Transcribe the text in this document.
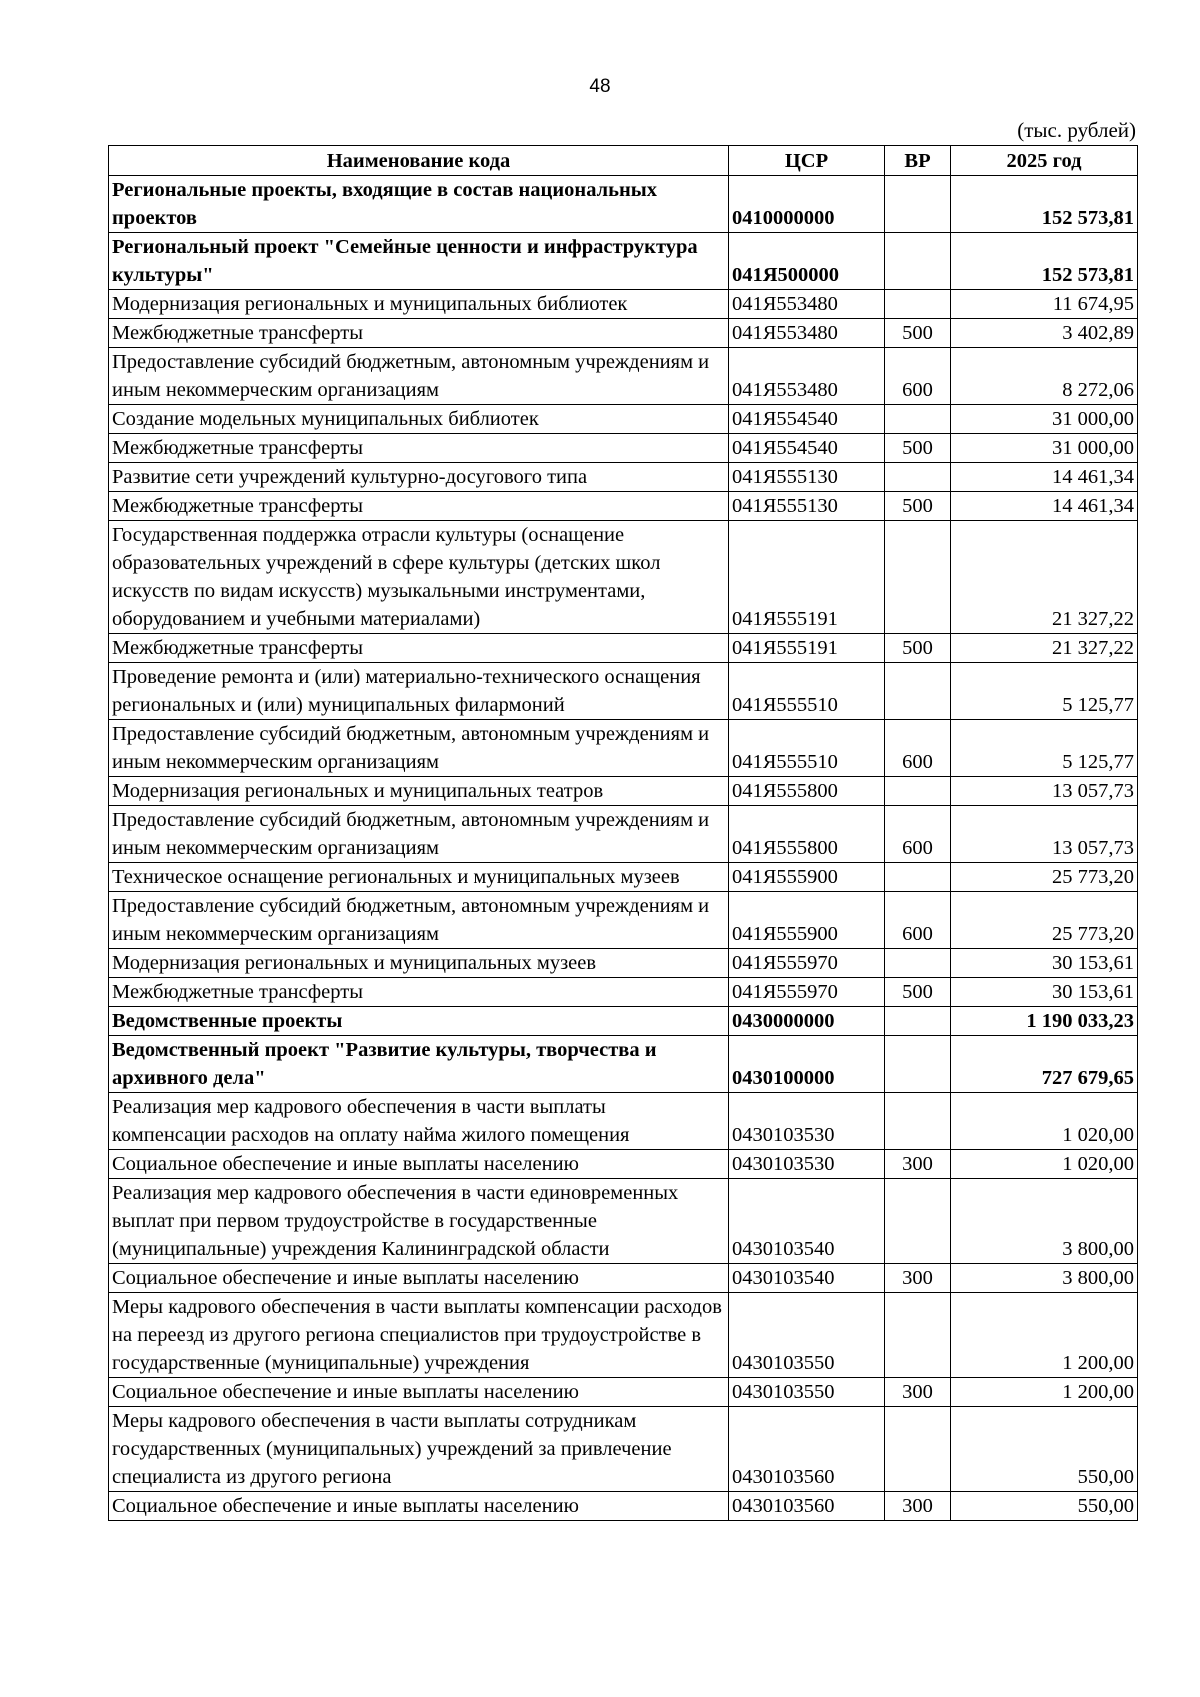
48
(тыс. рублей)
Наименование кода	ЦСР	ВР	2025 год
Региональные проекты, входящие в состав национальных проектов	0410000000		152 573,81
Региональный проект "Семейные ценности и инфраструктура культуры"	041Я500000		152 573,81
Модернизация региональных и муниципальных библиотек	041Я553480		11 674,95
Межбюджетные трансферты	041Я553480	500	3 402,89
Предоставление субсидий бюджетным, автономным учреждениям и иным некоммерческим организациям	041Я553480	600	8 272,06
Создание модельных муниципальных библиотек	041Я554540		31 000,00
Межбюджетные трансферты	041Я554540	500	31 000,00
Развитие сети учреждений культурно-досугового типа	041Я555130		14 461,34
Межбюджетные трансферты	041Я555130	500	14 461,34
Государственная поддержка отрасли культуры (оснащение образовательных учреждений в сфере культуры (детских школ искусств по видам искусств) музыкальными инструментами, оборудованием и учебными материалами)	041Я555191		21 327,22
Межбюджетные трансферты	041Я555191	500	21 327,22
Проведение ремонта и (или) материально-технического оснащения региональных и (или) муниципальных филармоний	041Я555510		5 125,77
Предоставление субсидий бюджетным, автономным учреждениям и иным некоммерческим организациям	041Я555510	600	5 125,77
Модернизация региональных и муниципальных театров	041Я555800		13 057,73
Предоставление субсидий бюджетным, автономным учреждениям и иным некоммерческим организациям	041Я555800	600	13 057,73
Техническое оснащение региональных и муниципальных музеев	041Я555900		25 773,20
Предоставление субсидий бюджетным, автономным учреждениям и иным некоммерческим организациям	041Я555900	600	25 773,20
Модернизация региональных и муниципальных музеев	041Я555970		30 153,61
Межбюджетные трансферты	041Я555970	500	30 153,61
Ведомственные проекты	0430000000		1 190 033,23
Ведомственный проект "Развитие культуры, творчества и архивного дела"	0430100000		727 679,65
Реализация мер кадрового обеспечения в части выплаты компенсации расходов на оплату найма жилого помещения	0430103530		1 020,00
Социальное обеспечение и иные выплаты населению	0430103530	300	1 020,00
Реализация мер кадрового обеспечения в части единовременных выплат при первом трудоустройстве в государственные (муниципальные) учреждения Калининградской области	0430103540		3 800,00
Социальное обеспечение и иные выплаты населению	0430103540	300	3 800,00
Меры кадрового обеспечения в части выплаты компенсации расходов на переезд из другого региона специалистов при трудоустройстве в государственные (муниципальные) учреждения	0430103550		1 200,00
Социальное обеспечение и иные выплаты населению	0430103550	300	1 200,00
Меры кадрового обеспечения в части выплаты сотрудникам государственных (муниципальных) учреждений за привлечение специалиста из другого региона	0430103560		550,00
Социальное обеспечение и иные выплаты населению	0430103560	300	550,00
